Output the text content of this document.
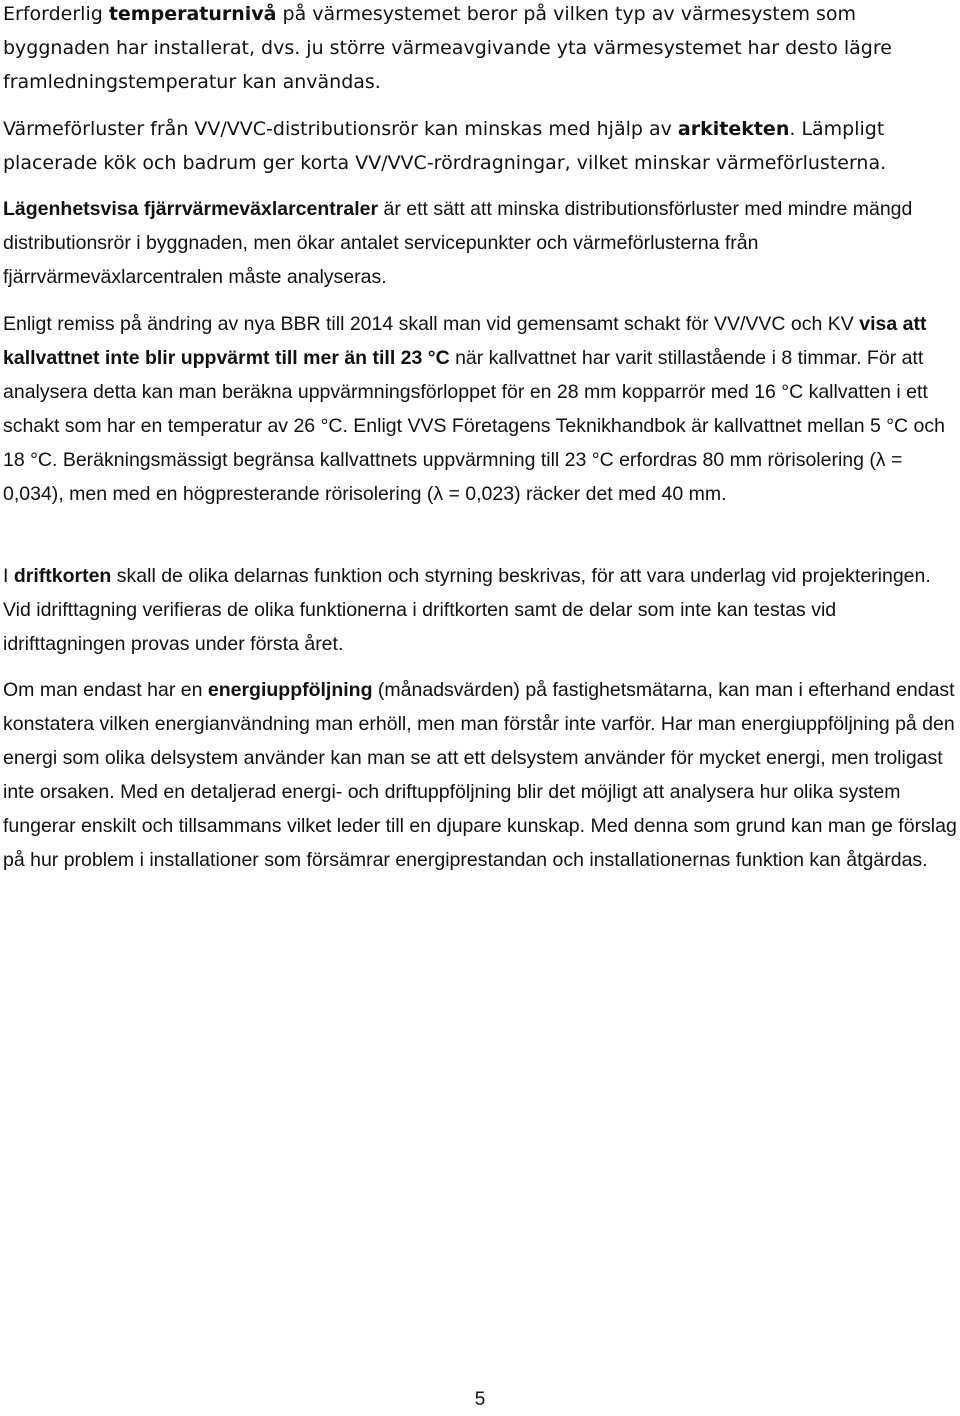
Erforderlig temperaturnivå på värmesystemet beror på vilken typ av värmesystem som byggnaden har installerat, dvs. ju större värmeavgivande yta värmesystemet har desto lägre framledningstemperatur kan användas.

Värmeförluster från VV/VVC-distributionsrör kan minskas med hjälp av arkitekten. Lämpligt placerade kök och badrum ger korta VV/VVC-rördragningar, vilket minskar värmeförlusterna.

Lägenhetsvisa fjärrvärmeväxlarcentraler är ett sätt att minska distributionsförluster med mindre mängd distributionsrör i byggnaden, men ökar antalet servicepunkter och värmeförlusterna från fjärrvärmeväxlarcentralen måste analyseras.

Enligt remiss på ändring av nya BBR till 2014 skall man vid gemensamt schakt för VV/VVC och KV visa att kallvattnet inte blir uppvärmt till mer än till 23 °C när kallvattnet har varit stillastående i 8 timmar. För att analysera detta kan man beräkna uppvärmningsförloppet för en 28 mm kopparrör med 16 °C kallvatten i ett schakt som har en temperatur av 26 °C. Enligt VVS Företagens Teknikhandbok är kallvattnet mellan 5 °C och 18 °C. Beräkningsmässigt begränsa kallvattnets uppvärmning till 23 °C erfordras 80 mm rörisolering (λ = 0,034), men med en högpresterande rörisolering (λ = 0,023) räcker det med 40 mm.

I driftkorten skall de olika delarnas funktion och styrning beskrivas, för att vara underlag vid projekteringen. Vid idrifttagning verifieras de olika funktionerna i driftkorten samt de delar som inte kan testas vid idrifttagningen provas under första året.

Om man endast har en energiuppföljning (månadsvärden) på fastighetsmätarna, kan man i efterhand endast konstatera vilken energianvändning man erhöll, men man förstår inte varför. Har man energiuppföljning på den energi som olika delsystem använder kan man se att ett delsystem använder för mycket energi, men troligast inte orsaken. Med en detaljerad energi- och driftuppföljning blir det möjligt att analysera hur olika system fungerar enskilt och tillsammans vilket leder till en djupare kunskap. Med denna som grund kan man ge förslag på hur problem i installationer som försämrar energiprestandan och installationernas funktion kan åtgärdas.

5
